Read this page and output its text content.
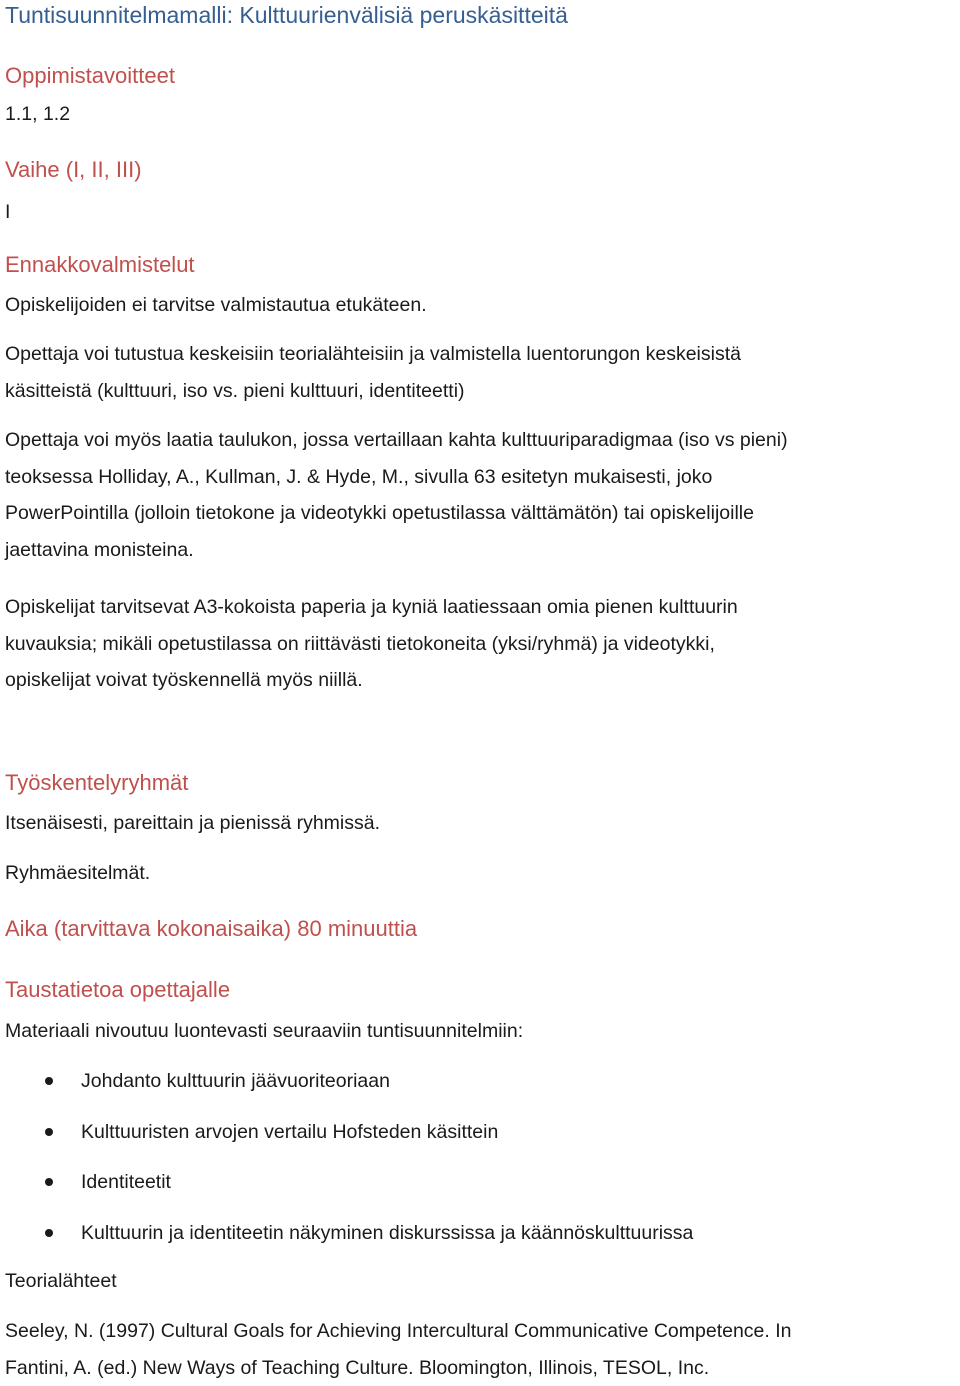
Tuntisuunnitelmamalli: Kulttuurienvälisiä peruskäsitteitä
Oppimistavoitteet
1.1, 1.2
Vaihe (I, II, III)
I
Ennakkovalmistelut
Opiskelijoiden ei tarvitse valmistautua etukäteen.
Opettaja voi tutustua keskeisiin teorialähteisiin ja valmistella luentorungon keskeisistä
käsitteistä (kulttuuri, iso vs. pieni kulttuuri, identiteetti)
Opettaja voi myös laatia taulukon, jossa vertaillaan kahta kulttuuriparadigmaa (iso vs pieni)
teoksessa Holliday, A., Kullman, J. & Hyde, M., sivulla 63 esitetyn mukaisesti, joko
PowerPointilla (jolloin tietokone ja videotykki opetustilassa välttämätön) tai opiskelijoille
jaettavina monisteina.
Opiskelijat tarvitsevat A3-kokoista paperia ja kyniä laatiessaan omia pienen kulttuurin
kuvauksia; mikäli opetustilassa on riittävästi tietokoneita (yksi/ryhmä) ja videotykki,
opiskelijat voivat työskennellä myös niillä.
Työskentelyryhmät
Itsenäisesti, pareittain ja pienissä ryhmissä.
Ryhmäesitelmät.
Aika (tarvittava kokonaisaika) 80 minuuttia
Taustatietoa opettajalle
Materiaali nivoutuu luontevasti seuraaviin tuntisuunnitelmiin:
Johdanto kulttuurin jäävuoriteoriaan
Kulttuuristen arvojen vertailu Hofsteden käsittein
Identiteetit
Kulttuurin ja identiteetin näkyminen diskurssissa ja käännöskulttuurissa
Teorialähteet
Seeley, N. (1997) Cultural Goals for Achieving Intercultural Communicative Competence. In
Fantini, A. (ed.) New Ways of Teaching Culture. Bloomington, Illinois, TESOL, Inc.
